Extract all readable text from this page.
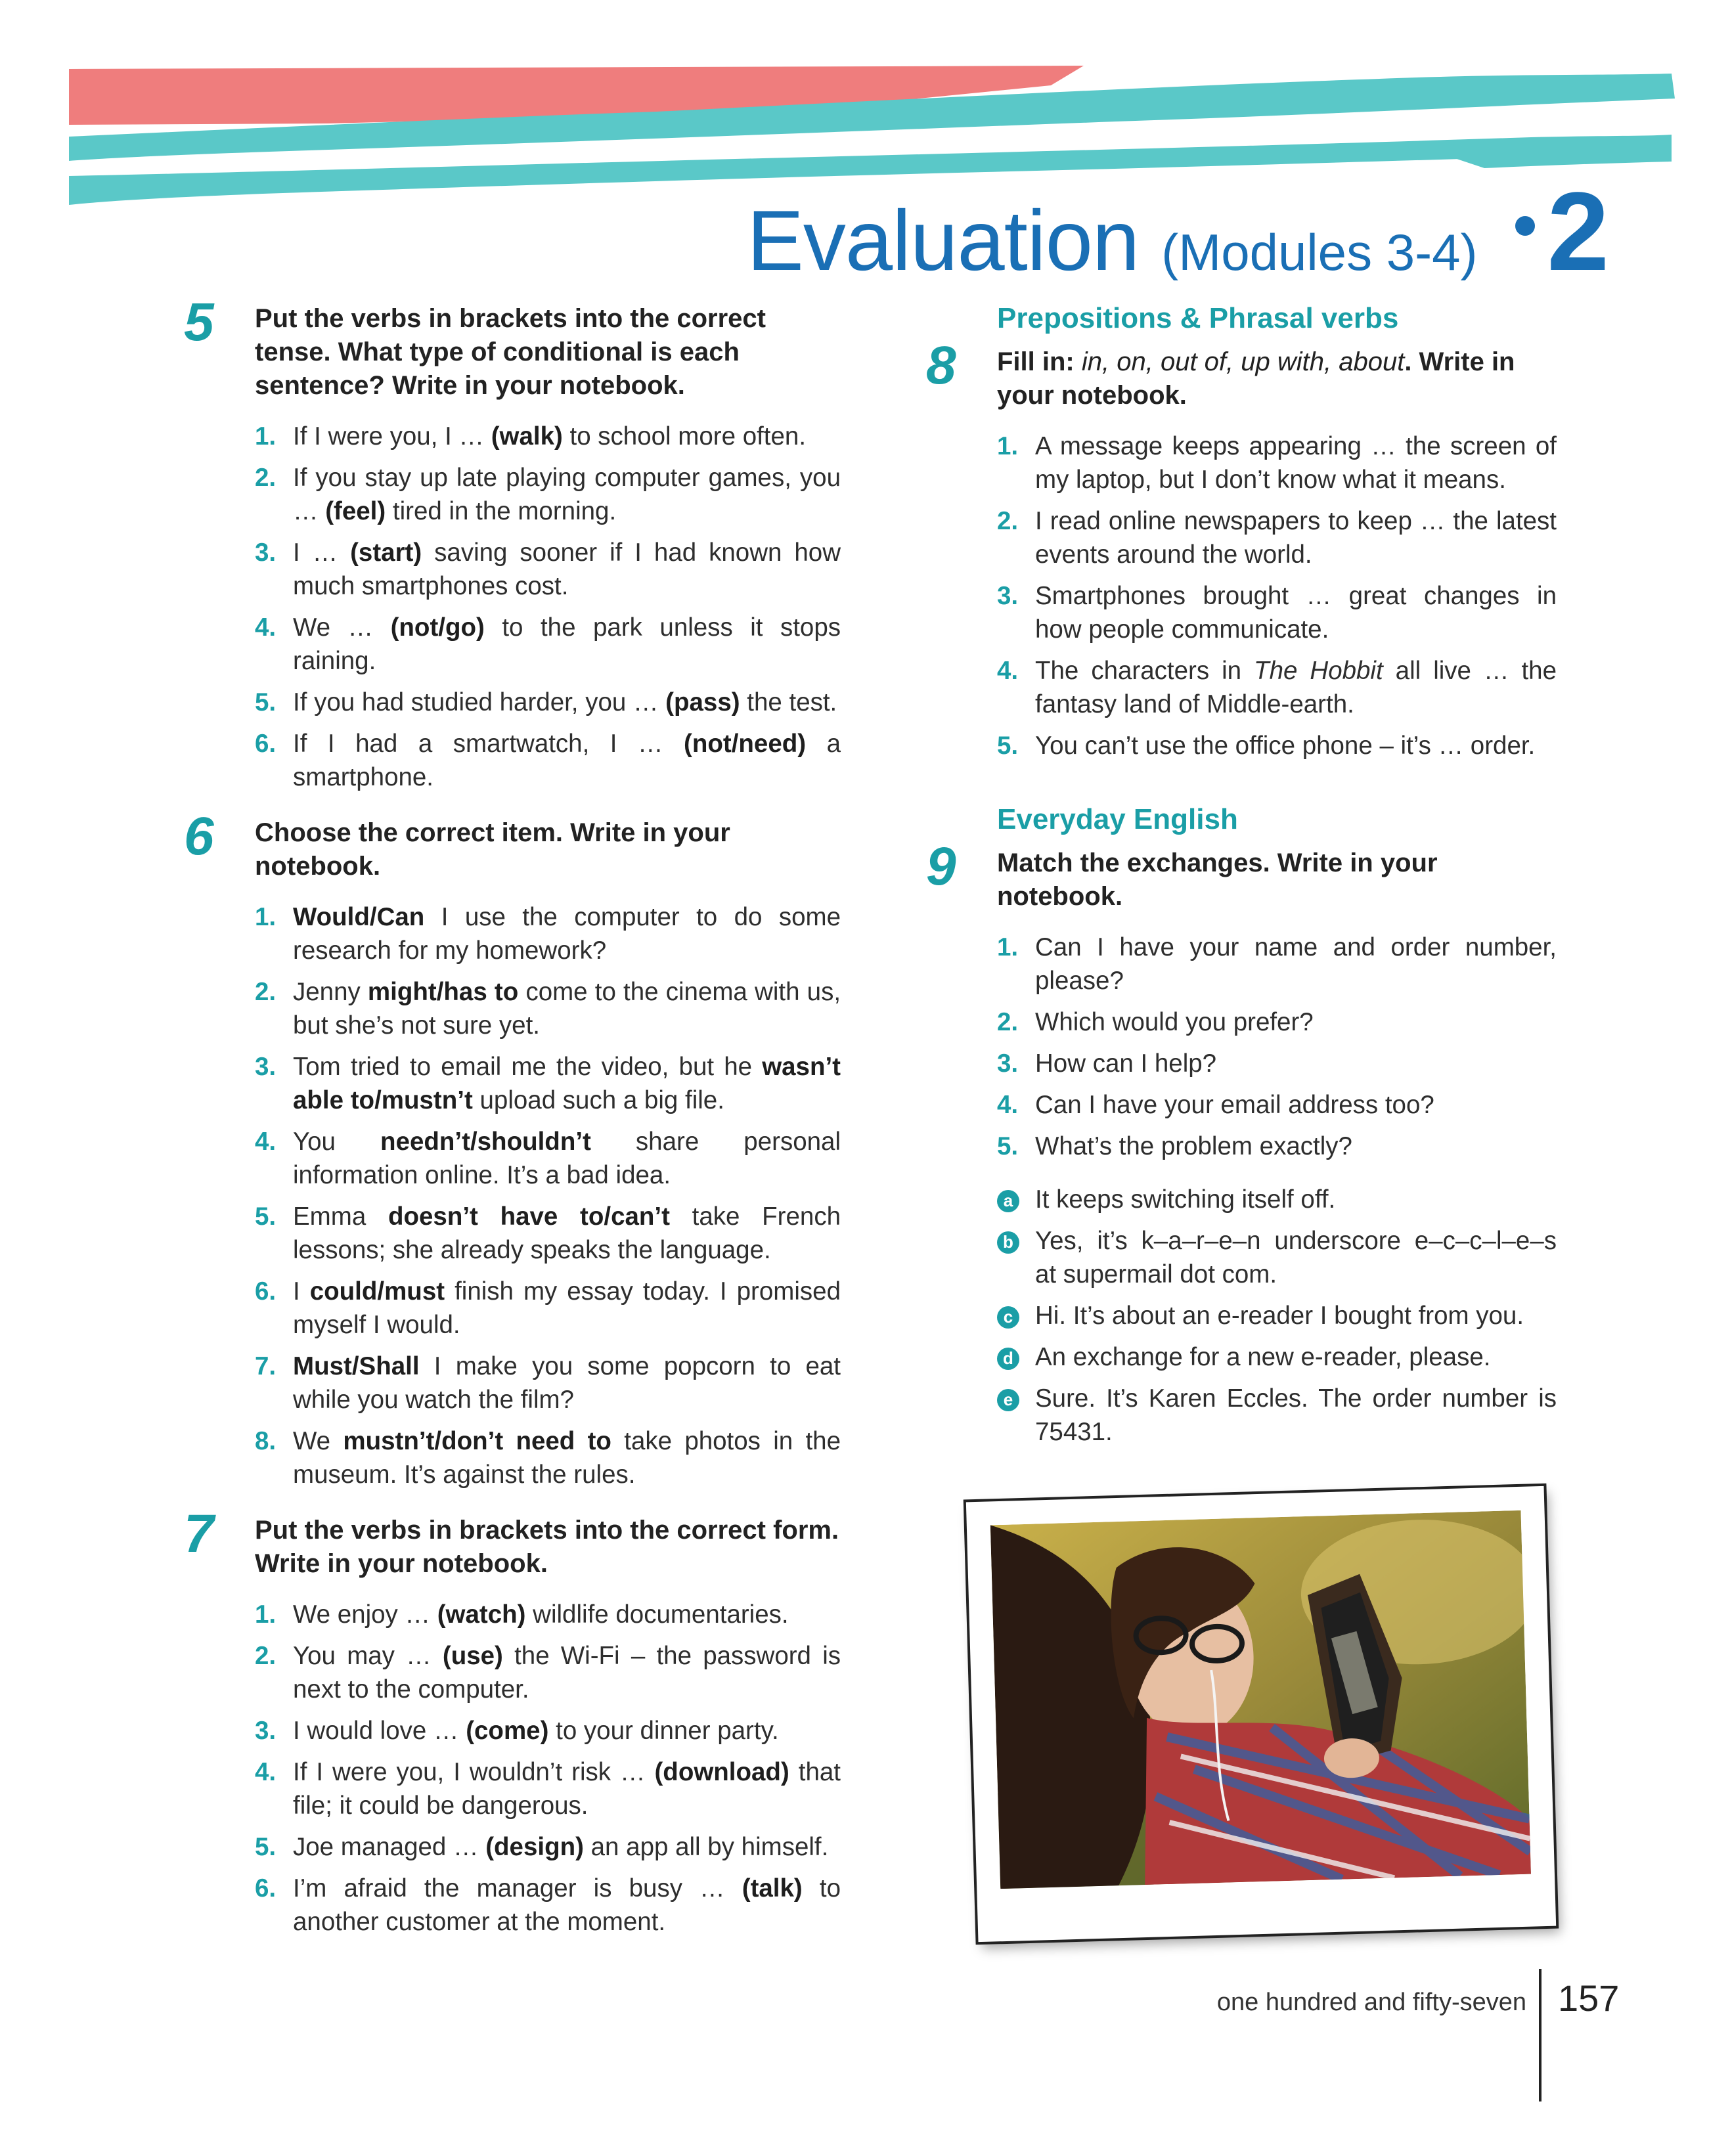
Evaluation (Modules 3-4) 2
5 Put the verbs in brackets into the correct tense. What type of conditional is each sentence? Write in your notebook.
1. If I were you, I … (walk) to school more often.
2. If you stay up late playing computer games, you … (feel) tired in the morning.
3. I … (start) saving sooner if I had known how much smartphones cost.
4. We … (not/go) to the park unless it stops raining.
5. If you had studied harder, you … (pass) the test.
6. If I had a smartwatch, I … (not/need) a smartphone.
6 Choose the correct item. Write in your notebook.
1. Would/Can I use the computer to do some research for my homework?
2. Jenny might/has to come to the cinema with us, but she’s not sure yet.
3. Tom tried to email me the video, but he wasn’t able to/mustn’t upload such a big file.
4. You needn’t/shouldn’t share personal information online. It’s a bad idea.
5. Emma doesn’t have to/can’t take French lessons; she already speaks the language.
6. I could/must finish my essay today. I promised myself I would.
7. Must/Shall I make you some popcorn to eat while you watch the film?
8. We mustn’t/don’t need to take photos in the museum. It’s against the rules.
7 Put the verbs in brackets into the correct form. Write in your notebook.
1. We enjoy … (watch) wildlife documentaries.
2. You may … (use) the Wi-Fi – the password is next to the computer.
3. I would love … (come) to your dinner party.
4. If I were you, I wouldn’t risk … (download) that file; it could be dangerous.
5. Joe managed … (design) an app all by himself.
6. I’m afraid the manager is busy … (talk) to another customer at the moment.
Prepositions & Phrasal verbs
8 Fill in: in, on, out of, up with, about. Write in your notebook.
1. A message keeps appearing … the screen of my laptop, but I don’t know what it means.
2. I read online newspapers to keep … the latest events around the world.
3. Smartphones brought … great changes in how people communicate.
4. The characters in The Hobbit all live … the fantasy land of Middle-earth.
5. You can’t use the office phone – it’s … order.
Everyday English
9 Match the exchanges. Write in your notebook.
1. Can I have your name and order number, please?
2. Which would you prefer?
3. How can I help?
4. Can I have your email address too?
5. What’s the problem exactly?
a It keeps switching itself off.
b Yes, it’s k–a–r–e–n underscore e–c–c–l–e–s at supermail dot com.
c Hi. It’s about an e-reader I bought from you.
d An exchange for a new e-reader, please.
e Sure. It’s Karen Eccles. The order number is 75431.
one hundred and fifty-seven 157
